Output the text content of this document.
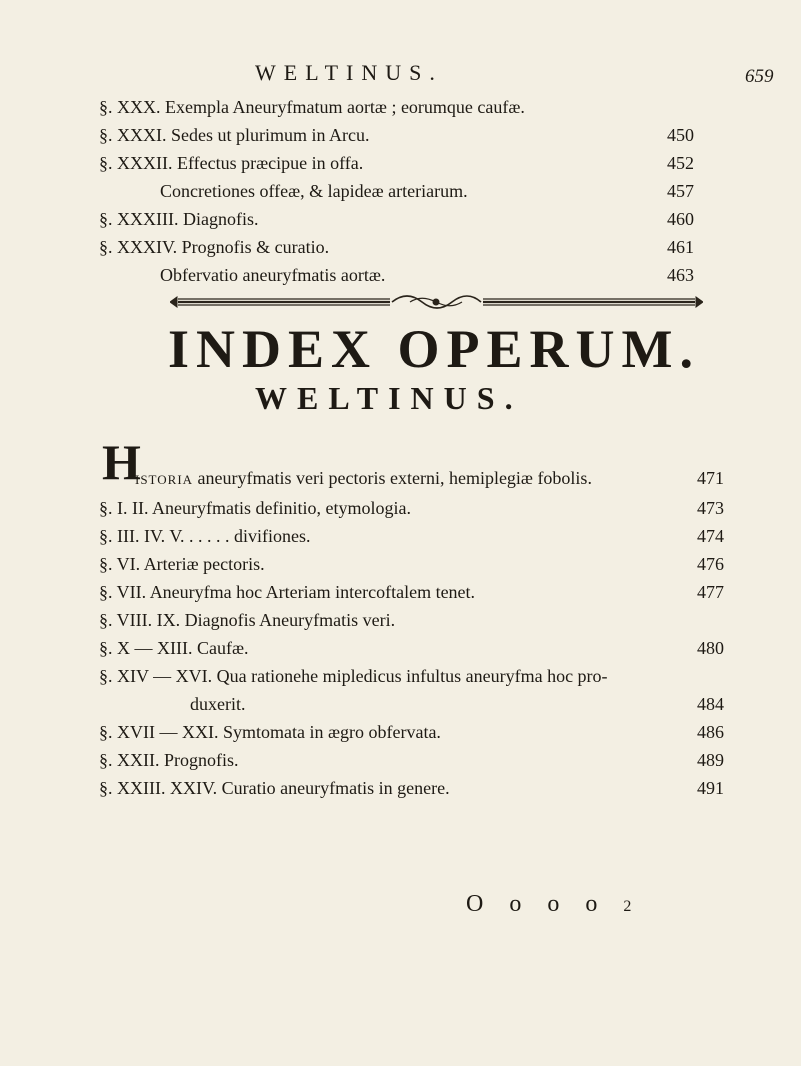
WELTINUS.	659
§. XXX. Exempla Aneuryfmatum aortæ ; eorumque caufæ.
§. XXXI. Sedes ut plurimum in Arcu.	450
§. XXXII. Effectus præcipue in offa.	452
Concretiones offeæ, & lapideæ arteriarum.	457
§. XXXIII. Diagnofis.	460
§. XXXIV. Prognofis & curatio.	461
Obfervatio aneuryfmatis aortæ.	463
INDEX OPERUM.
WELTINUS.
H
istoria aneuryfmatis veri pectoris externi, hemiplegiæ fobolis.	471
§. I. II. Aneuryfmatis definitio, etymologia.	473
§. III. IV. V. . . . . . divifiones.	474
§. VI. Arteriæ pectoris.	476
§. VII. Aneuryfma hoc Arteriam intercoftalem tenet.	477
§. VIII. IX. Diagnofis Aneuryfmatis veri.
§. X — XIII. Caufæ.	480
§. XIV — XVI. Qua rationehe mipledicus infultus aneuryfma hoc pro-
duxerit.	484
§. XVII — XXI. Symtomata in ægro obfervata.	486
§. XXII. Prognofis.	489
§. XXIII. XXIV. Curatio aneuryfmatis in genere.	491
O o o o 2
